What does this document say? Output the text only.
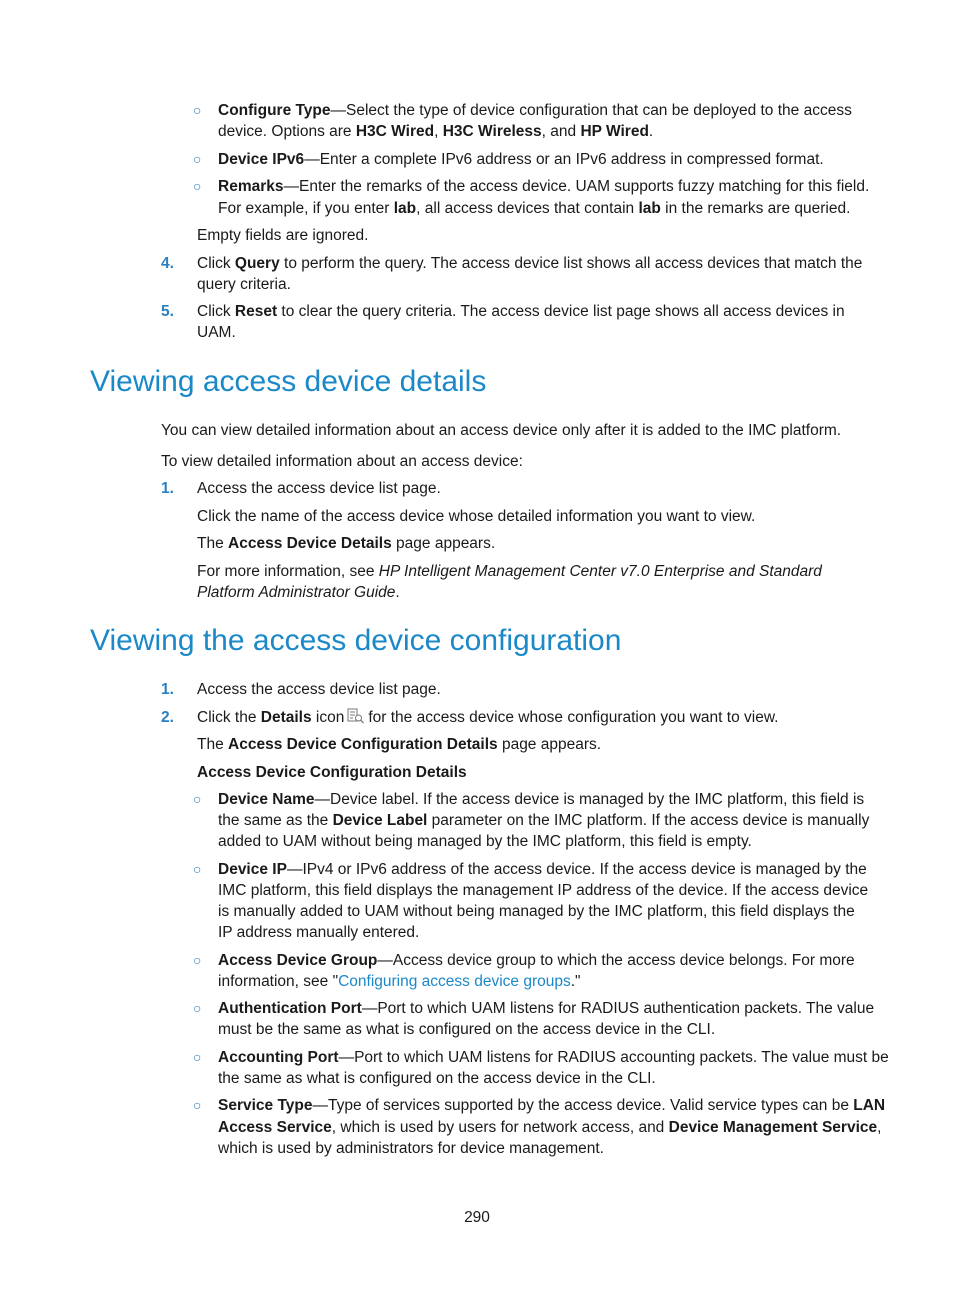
○ Configure Type—Select the type of device configuration that can be deployed to the access
device. Options are H3C Wired, H3C Wireless, and HP Wired.
○ Device IPv6—Enter a complete IPv6 address or an IPv6 address in compressed format.
○ Remarks—Enter the remarks of the access device. UAM supports fuzzy matching for this field.
For example, if you enter lab, all access devices that contain lab in the remarks are queried.
Empty fields are ignored.
4. Click Query to perform the query. The access device list shows all access devices that match the
query criteria.
5. Click Reset to clear the query criteria. The access device list page shows all access devices in
UAM.
Viewing access device details
You can view detailed information about an access device only after it is added to the IMC platform.
To view detailed information about an access device:
1. Access the access device list page.
Click the name of the access device whose detailed information you want to view.
The Access Device Details page appears.
For more information, see HP Intelligent Management Center v7.0 Enterprise and Standard
Platform Administrator Guide.
Viewing the access device configuration
1. Access the access device list page.
2. Click the Details icon for the access device whose configuration you want to view.
The Access Device Configuration Details page appears.
Access Device Configuration Details
○ Device Name—Device label. If the access device is managed by the IMC platform, this field is
the same as the Device Label parameter on the IMC platform. If the access device is manually
added to UAM without being managed by the IMC platform, this field is empty.
○ Device IP—IPv4 or IPv6 address of the access device. If the access device is managed by the
IMC platform, this field displays the management IP address of the device. If the access device
is manually added to UAM without being managed by the IMC platform, this field displays the
IP address manually entered.
○ Access Device Group—Access device group to which the access device belongs. For more
information, see "Configuring access device groups."
○ Authentication Port—Port to which UAM listens for RADIUS authentication packets. The value
must be the same as what is configured on the access device in the CLI.
○ Accounting Port—Port to which UAM listens for RADIUS accounting packets. The value must be
the same as what is configured on the access device in the CLI.
○ Service Type—Type of services supported by the access device. Valid service types can be LAN
Access Service, which is used by users for network access, and Device Management Service,
which is used by administrators for device management.
290
